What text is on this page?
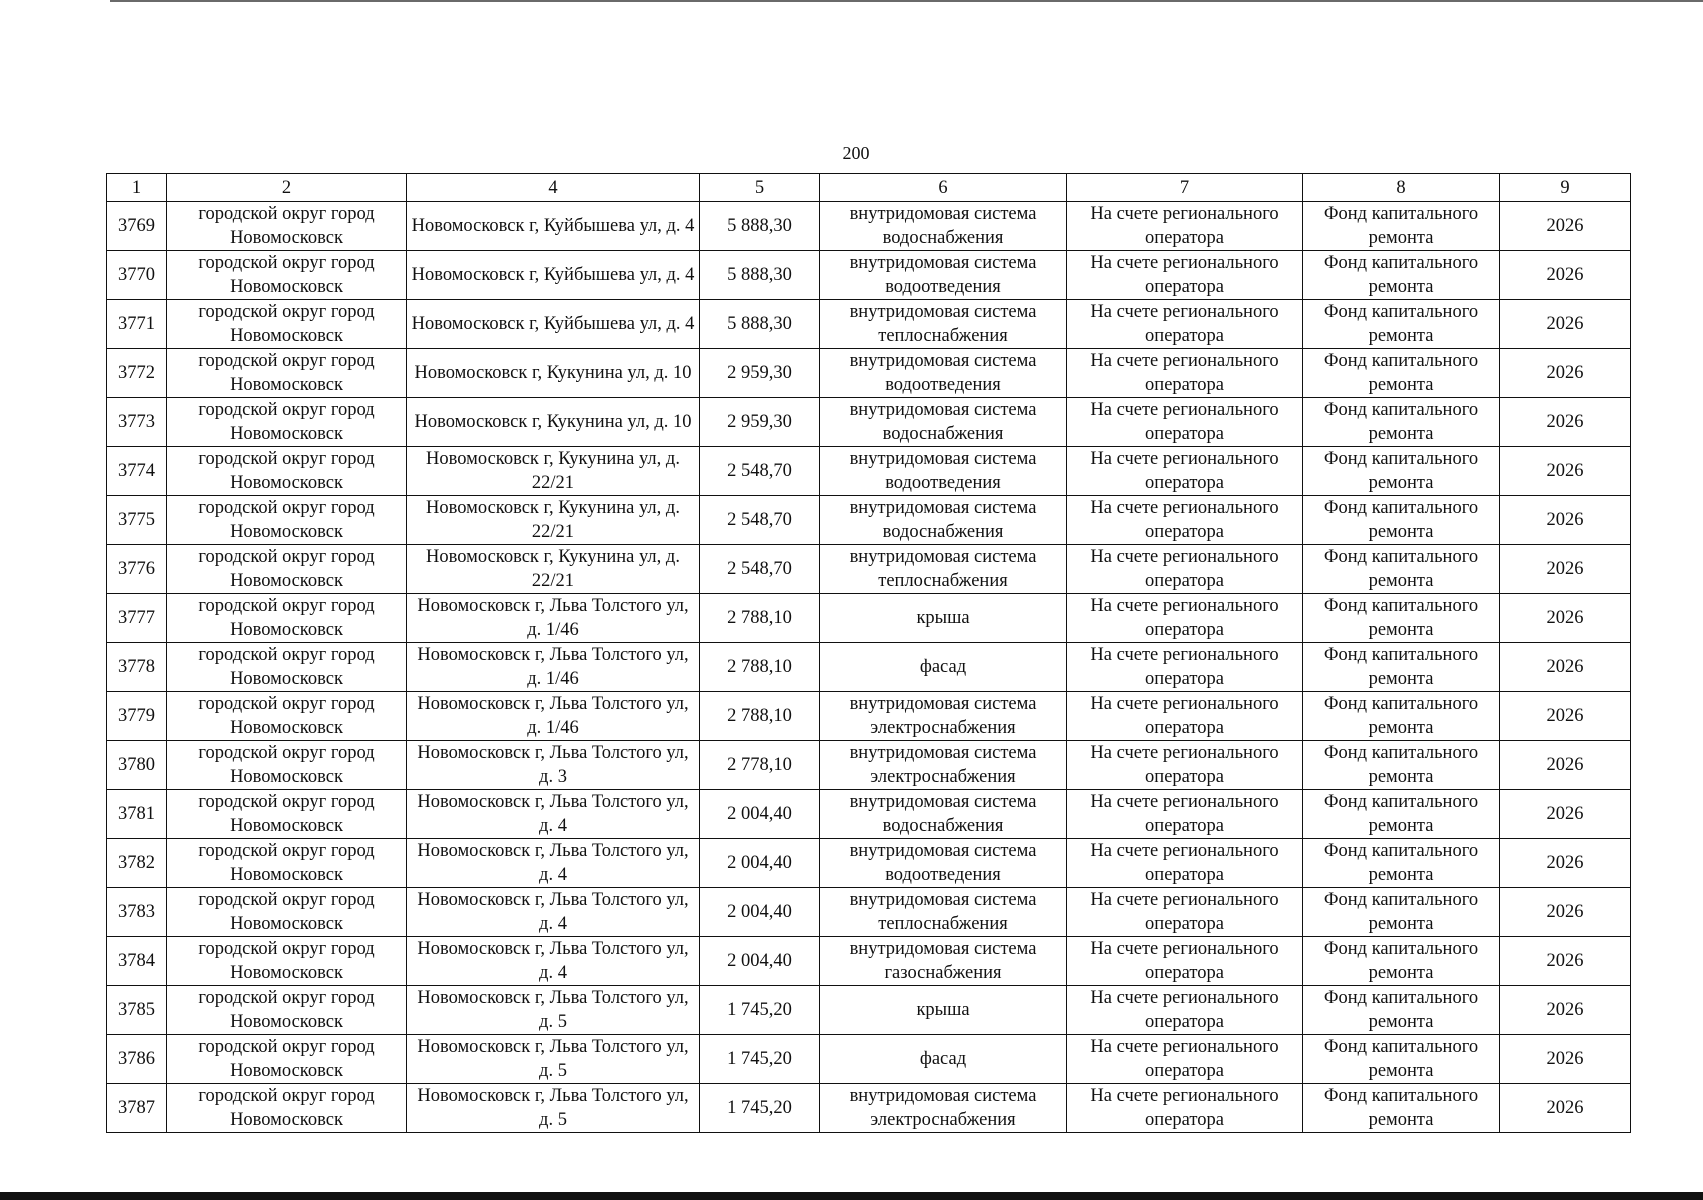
200
1	2	4	5	6	7	8	9
3769	городской округ город Новомосковск	Новомосковск г, Куйбышева ул, д. 4	5 888,30	внутридомовая система водоснабжения	На счете регионального оператора	Фонд капитального ремонта	2026
3770	городской округ город Новомосковск	Новомосковск г, Куйбышева ул, д. 4	5 888,30	внутридомовая система водоотведения	На счете регионального оператора	Фонд капитального ремонта	2026
3771	городской округ город Новомосковск	Новомосковск г, Куйбышева ул, д. 4	5 888,30	внутридомовая система теплоснабжения	На счете регионального оператора	Фонд капитального ремонта	2026
3772	городской округ город Новомосковск	Новомосковск г, Кукунина ул, д. 10	2 959,30	внутридомовая система водоотведения	На счете регионального оператора	Фонд капитального ремонта	2026
3773	городской округ город Новомосковск	Новомосковск г, Кукунина ул, д. 10	2 959,30	внутридомовая система водоснабжения	На счете регионального оператора	Фонд капитального ремонта	2026
3774	городской округ город Новомосковск	Новомосковск г, Кукунина ул, д. 22/21	2 548,70	внутридомовая система водоотведения	На счете регионального оператора	Фонд капитального ремонта	2026
3775	городской округ город Новомосковск	Новомосковск г, Кукунина ул, д. 22/21	2 548,70	внутридомовая система водоснабжения	На счете регионального оператора	Фонд капитального ремонта	2026
3776	городской округ город Новомосковск	Новомосковск г, Кукунина ул, д. 22/21	2 548,70	внутридомовая система теплоснабжения	На счете регионального оператора	Фонд капитального ремонта	2026
3777	городской округ город Новомосковск	Новомосковск г, Льва Толстого ул, д. 1/46	2 788,10	крыша	На счете регионального оператора	Фонд капитального ремонта	2026
3778	городской округ город Новомосковск	Новомосковск г, Льва Толстого ул, д. 1/46	2 788,10	фасад	На счете регионального оператора	Фонд капитального ремонта	2026
3779	городской округ город Новомосковск	Новомосковск г, Льва Толстого ул, д. 1/46	2 788,10	внутридомовая система электроснабжения	На счете регионального оператора	Фонд капитального ремонта	2026
3780	городской округ город Новомосковск	Новомосковск г, Льва Толстого ул, д. 3	2 778,10	внутридомовая система электроснабжения	На счете регионального оператора	Фонд капитального ремонта	2026
3781	городской округ город Новомосковск	Новомосковск г, Льва Толстого ул, д. 4	2 004,40	внутридомовая система водоснабжения	На счете регионального оператора	Фонд капитального ремонта	2026
3782	городской округ город Новомосковск	Новомосковск г, Льва Толстого ул, д. 4	2 004,40	внутридомовая система водоотведения	На счете регионального оператора	Фонд капитального ремонта	2026
3783	городской округ город Новомосковск	Новомосковск г, Льва Толстого ул, д. 4	2 004,40	внутридомовая система теплоснабжения	На счете регионального оператора	Фонд капитального ремонта	2026
3784	городской округ город Новомосковск	Новомосковск г, Льва Толстого ул, д. 4	2 004,40	внутридомовая система газоснабжения	На счете регионального оператора	Фонд капитального ремонта	2026
3785	городской округ город Новомосковск	Новомосковск г, Льва Толстого ул, д. 5	1 745,20	крыша	На счете регионального оператора	Фонд капитального ремонта	2026
3786	городской округ город Новомосковск	Новомосковск г, Льва Толстого ул, д. 5	1 745,20	фасад	На счете регионального оператора	Фонд капитального ремонта	2026
3787	городской округ город Новомосковск	Новомосковск г, Льва Толстого ул, д. 5	1 745,20	внутридомовая система электроснабжения	На счете регионального оператора	Фонд капитального ремонта	2026
